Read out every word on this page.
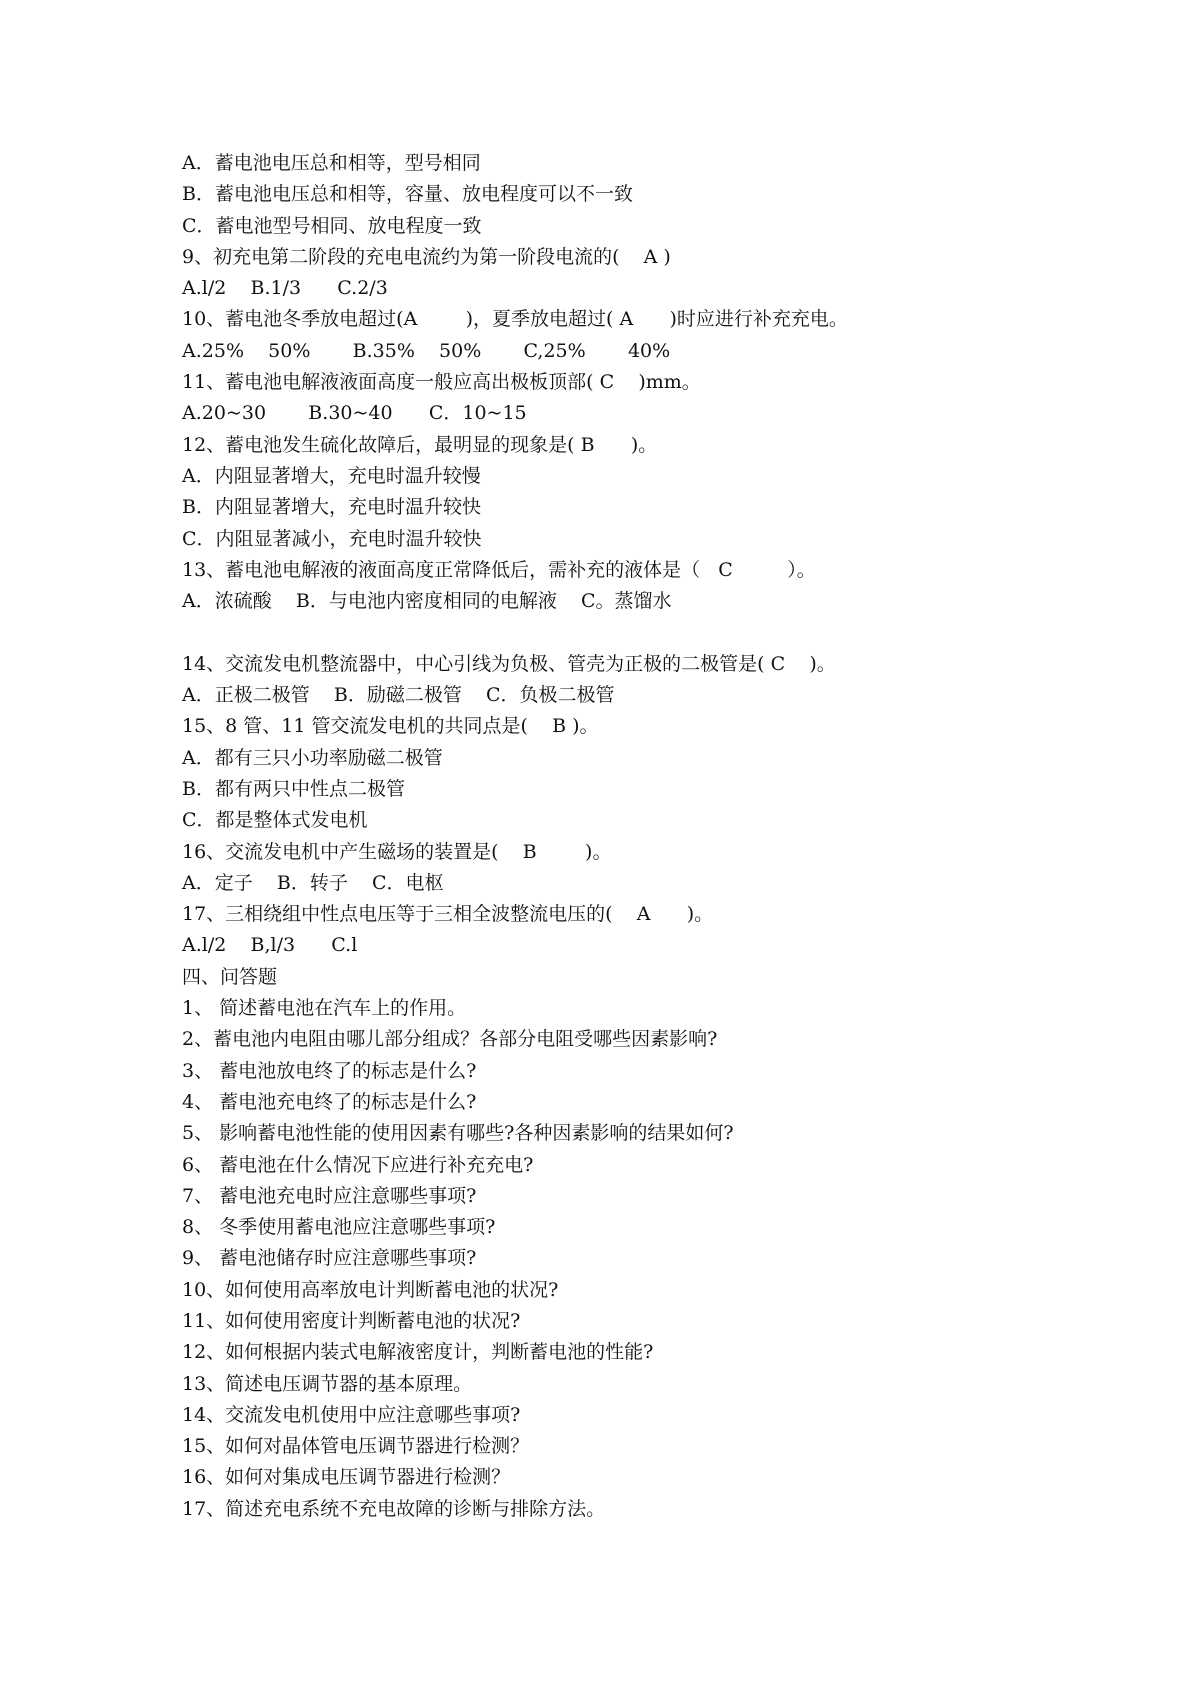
A．蓄电池电压总和相等，型号相同
B．蓄电池电压总和相等，容量、放电程度可以不一致
C．蓄电池型号相同、放电程度一致
9、初充电第二阶段的充电电流约为第一阶段电流的(    A )
A.l/2    B.1/3      C.2/3
10、蓄电池冬季放电超过(A        )，夏季放电超过( A      )时应进行补充充电。
A.25%    50%       B.35%    50%       C,25%       40%
11、蓄电池电解液液面高度一般应高出极板顶部( C    )mm。
A.20~30       B.30~40      C．10~15
12、蓄电池发生硫化故障后，最明显的现象是( B      )。
A．内阻显著增大，充电时温升较慢
B．内阻显著增大，充电时温升较快
C．内阻显著减小，充电时温升较快
13、蓄电池电解液的液面高度正常降低后，需补充的液体是（   C         ）。
A．浓硫酸    B．与电池内密度相同的电解液    C。蒸馏水
14、交流发电机整流器中，中心引线为负极、管壳为正极的二极管是( C    )。
A．正极二极管    B．励磁二极管    C．负极二极管
15、8 管、11 管交流发电机的共同点是(    B )。
A．都有三只小功率励磁二极管
B．都有两只中性点二极管
C．都是整体式发电机
16、交流发电机中产生磁场的装置是(    B        )。
A．定子    B．转子    C．电枢
17、三相绕组中性点电压等于三相全波整流电压的(    A      )。
A.l/2    B,l/3      C.l
四、问答题
1、 简述蓄电池在汽车上的作用。
2、蓄电池内电阻由哪儿部分组成？各部分电阻受哪些因素影响?
3、 蓄电池放电终了的标志是什么?
4、 蓄电池充电终了的标志是什么?
5、 影响蓄电池性能的使用因素有哪些?各种因素影响的结果如何?
6、 蓄电池在什么情况下应进行补充充电?
7、 蓄电池充电时应注意哪些事项?
8、 冬季使用蓄电池应注意哪些事项?
9、 蓄电池储存时应注意哪些事项?
10、如何使用高率放电计判断蓄电池的状况?
11、如何使用密度计判断蓄电池的状况?
12、如何根据内装式电解液密度计，判断蓄电池的性能?
13、简述电压调节器的基本原理。
14、交流发电机使用中应注意哪些事项?
15、如何对晶体管电压调节器进行检测？
16、如何对集成电压调节器进行检测？
17、简述充电系统不充电故障的诊断与排除方法。
